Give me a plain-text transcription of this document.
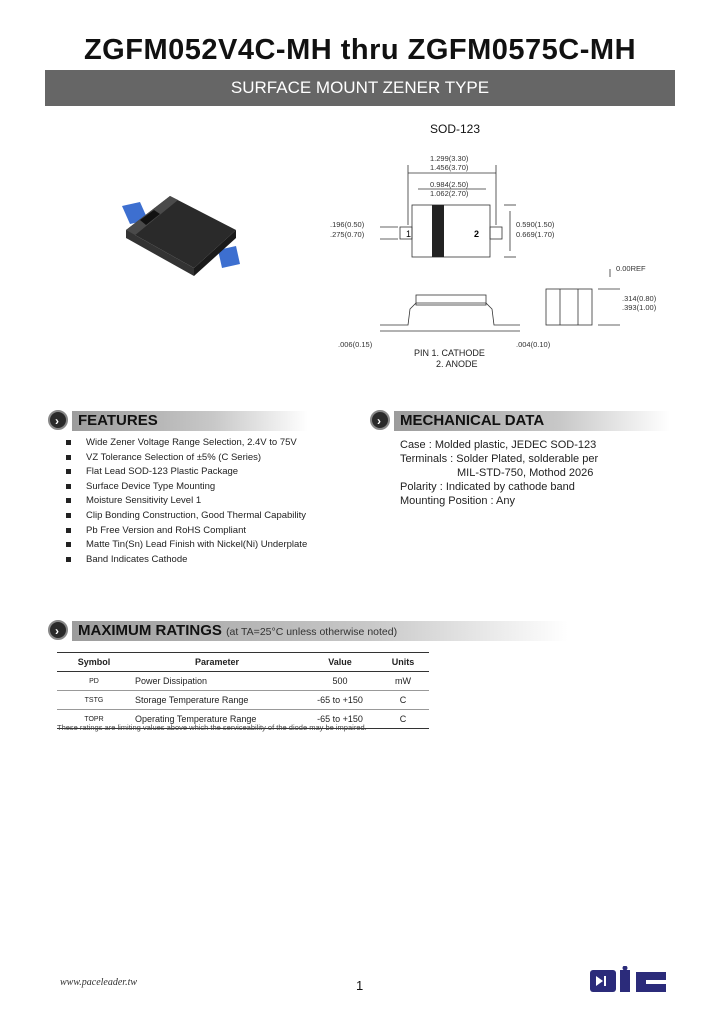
ZGFM052V4C-MH thru ZGFM0575C-MH
SURFACE MOUNT ZENER TYPE
SOD-123
1	2
1.299(3.30)
1.456(3.70)
0.984(2.50)
1.062(2.70)
.196(0.50)
.275(0.70)
0.590(1.50)
0.669(1.70)
0.00REF
.314(0.80)
.393(1.00)
.006(0.15)	.004(0.10)
PIN 1. CATHODE
2. ANODE
› FEATURES
Wide Zener Voltage Range Selection, 2.4V to 75V
VZ Tolerance Selection of ±5% (C Series)
Flat Lead SOD-123 Plastic Package
Surface Device Type Mounting
Moisture Sensitivity Level 1
Clip Bonding Construction, Good Thermal Capability
Pb Free Version and RoHS Compliant
Matte Tin(Sn) Lead Finish with Nickel(Ni) Underplate
Band Indicates Cathode
› MECHANICAL DATA
Case : Molded plastic, JEDEC SOD-123
Terminals : Solder Plated, solderable per
MIL-STD-750, Mothod 2026
Polarity : Indicated by cathode band
Mounting Position : Any
› MAXIMUM RATINGS (at TA=25°C unless otherwise noted)
Symbol	Parameter	Value	Units
PD	Power Dissipation	500	mW
TSTG	Storage Temperature Range	-65 to +150	C
TOPR	Operating Temperature Range	-65 to +150	C
These ratings are limiting values above which the serviceability of the diode may be impaired.
www.paceleader.tw	1
